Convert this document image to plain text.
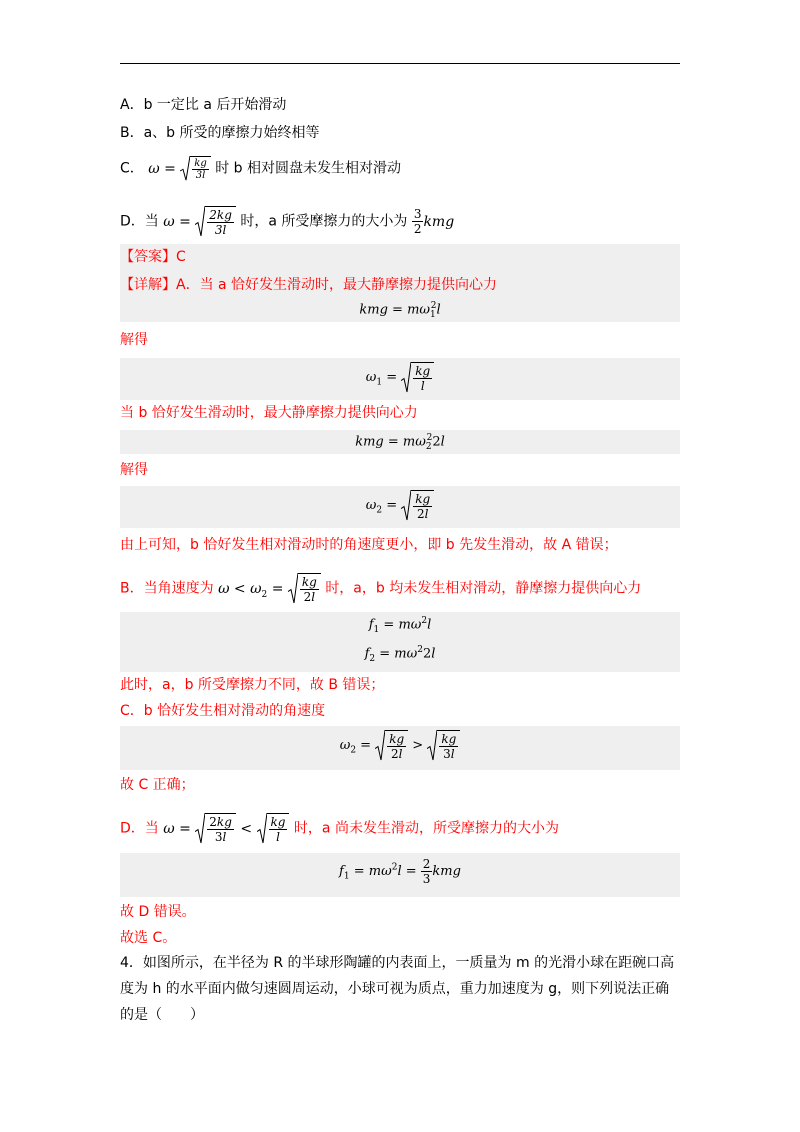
A．b 一定比 a 后开始滑动
B．a、b 所受的摩擦力始终相等
C． $\omega = \frac{kg}{3l}$ 时 b 相对圆盘未发生相对滑动
D．当 $\omega = \frac{2kg}{3l}$ 时，a 所受摩擦力的大小为 $\frac{3}{2}$ kmg
【答案】C
【详解】A．当 a 恰好发生滑动时，最大静摩擦力提供向心力
kmg = $m\omega_1^2l$
解得
$\omega_1 = \frac{kg}{l}$
当 b 恰好发生滑动时，最大静摩擦力提供向心力
kmg = $m\omega_2^22l$
解得
$\omega_2 = \frac{kg}{2l}$
由上可知，b 恰好发生相对滑动时的角速度更小，即 b 先发生滑动，故 A 错误；
B．当角速度为 $\omega < \omega_2 = \frac{kg}{2l}$ 时，a，b 均未发生相对滑动，静摩擦力提供向心力
$f_1 = m\omega^2l$
$f_2 = m\omega^22l$
此时，a，b 所受摩擦力不同，故 B 错误；
C．b 恰好发生相对滑动的角速度
$\omega_2 = \frac{kg}{2l} > \frac{kg}{3l}$
故 C 正确；
D．当 $\omega = \frac{2kg}{3l} < \frac{kg}{l}$ 时，a 尚未发生滑动，所受摩擦力的大小为
$f_1 = m\omega^2l = \frac{2}{3}$ kmg
故 D 错误。
故选 C。
4．如图所示，在半径为 R 的半球形陶罐的内表面上，一质量为 m 的光滑小球在距碗口高
度为 h 的水平面内做匀速圆周运动，小球可视为质点，重力加速度为 g，则下列说法正确
的是（　　）
